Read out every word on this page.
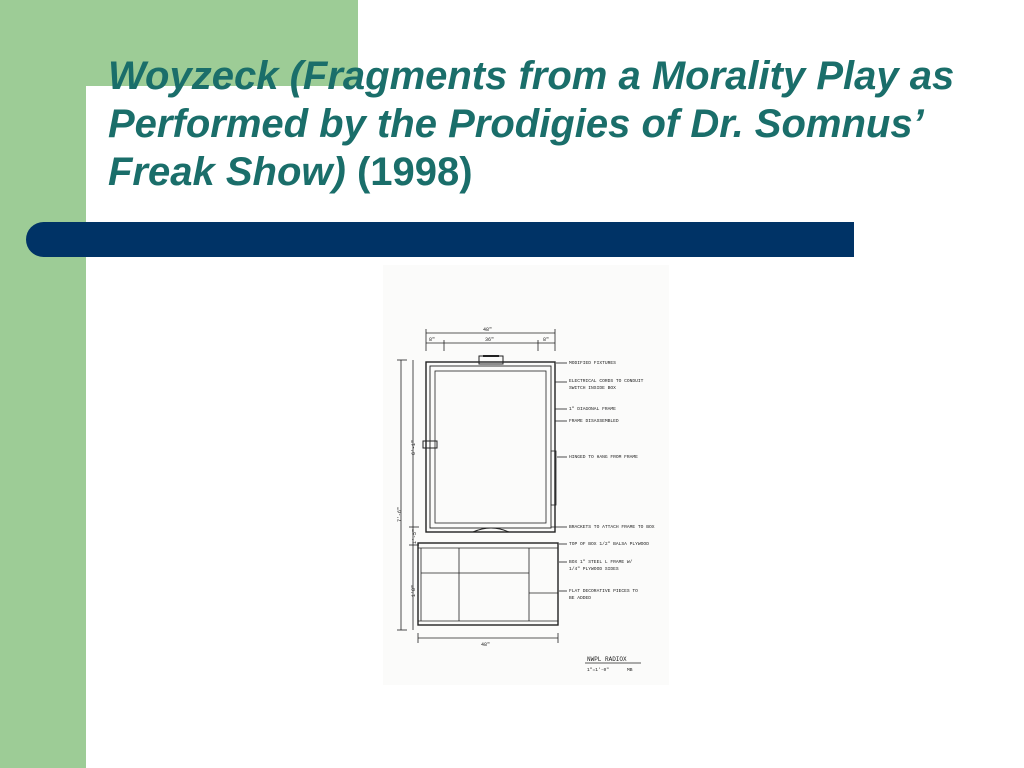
Woyzeck (Fragments from a Morality Play as Performed by the Prodigies of Dr. Somnus’ Freak Show) (1998)
48"
36"
8"	8"
7'-6"
6'-1"
1'-5"
1'8"
48"
MODIFIED FIXTURES
ELECTRICAL CORDS TO CONDUIT
SWITCH INSIDE BOX
1" DIAGONAL FRAME
FRAME DISASSEMBLED
HINGED TO HANG FROM FRAME
BRACKETS TO ATTACH FRAME TO BOX
TOP OF BOX 1/2" BALSA PLYWOOD
BOX 1" STEEL L FRAME W/
1/4" PLYWOOD SIDES
FLAT DECORATIVE PIECES TO
BE ADDED
NWPL RADIOX
1"=1'-0"	MB
